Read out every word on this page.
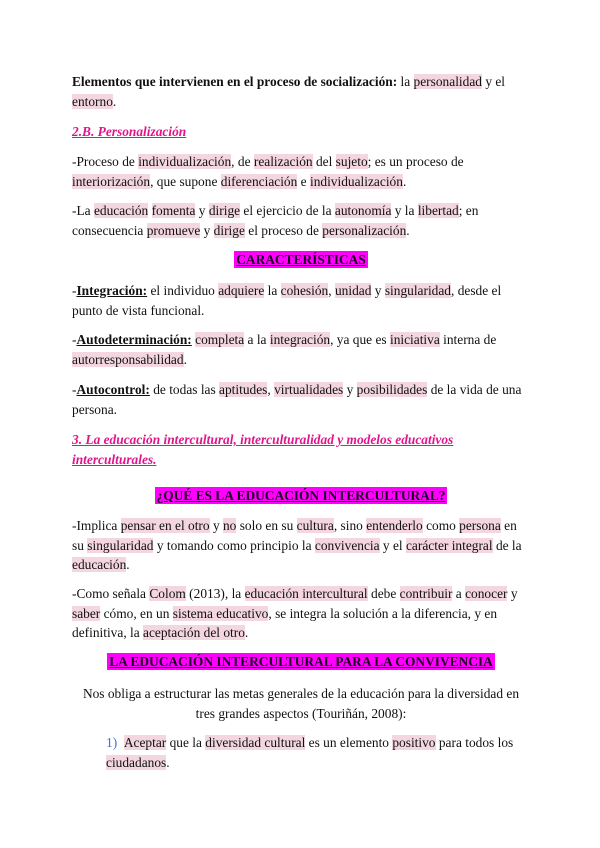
Elementos que intervienen en el proceso de socialización: la personalidad y el entorno.

2.B. Personalización

-Proceso de individualización, de realización del sujeto; es un proceso de interiorización, que supone diferenciación e individualización.

-La educación fomenta y dirige el ejercicio de la autonomía y la libertad; en consecuencia promueve y dirige el proceso de personalización.

CARACTERÍSTICAS

-Integración: el individuo adquiere la cohesión, unidad y singularidad, desde el punto de vista funcional.

-Autodeterminación: completa a la integración, ya que es iniciativa interna de autorresponsabilidad.

-Autocontrol: de todas las aptitudes, virtualidades y posibilidades de la vida de una persona.

3. La educación intercultural, interculturalidad y modelos educativos interculturales.

¿QUÉ ES LA EDUCACIÓN INTERCULTURAL?

-Implica pensar en el otro y no solo en su cultura, sino entenderlo como persona en su singularidad y tomando como principio la convivencia y el carácter integral de la educación.

-Como señala Colom (2013), la educación intercultural debe contribuir a conocer y saber cómo, en un sistema educativo, se integra la solución a la diferencia, y en definitiva, la aceptación del otro.

LA EDUCACIÓN INTERCULTURAL PARA LA CONVIVENCIA

Nos obliga a estructurar las metas generales de la educación para la diversidad en tres grandes aspectos (Touriñán, 2008):

1) Aceptar que la diversidad cultural es un elemento positivo para todos los ciudadanos.
